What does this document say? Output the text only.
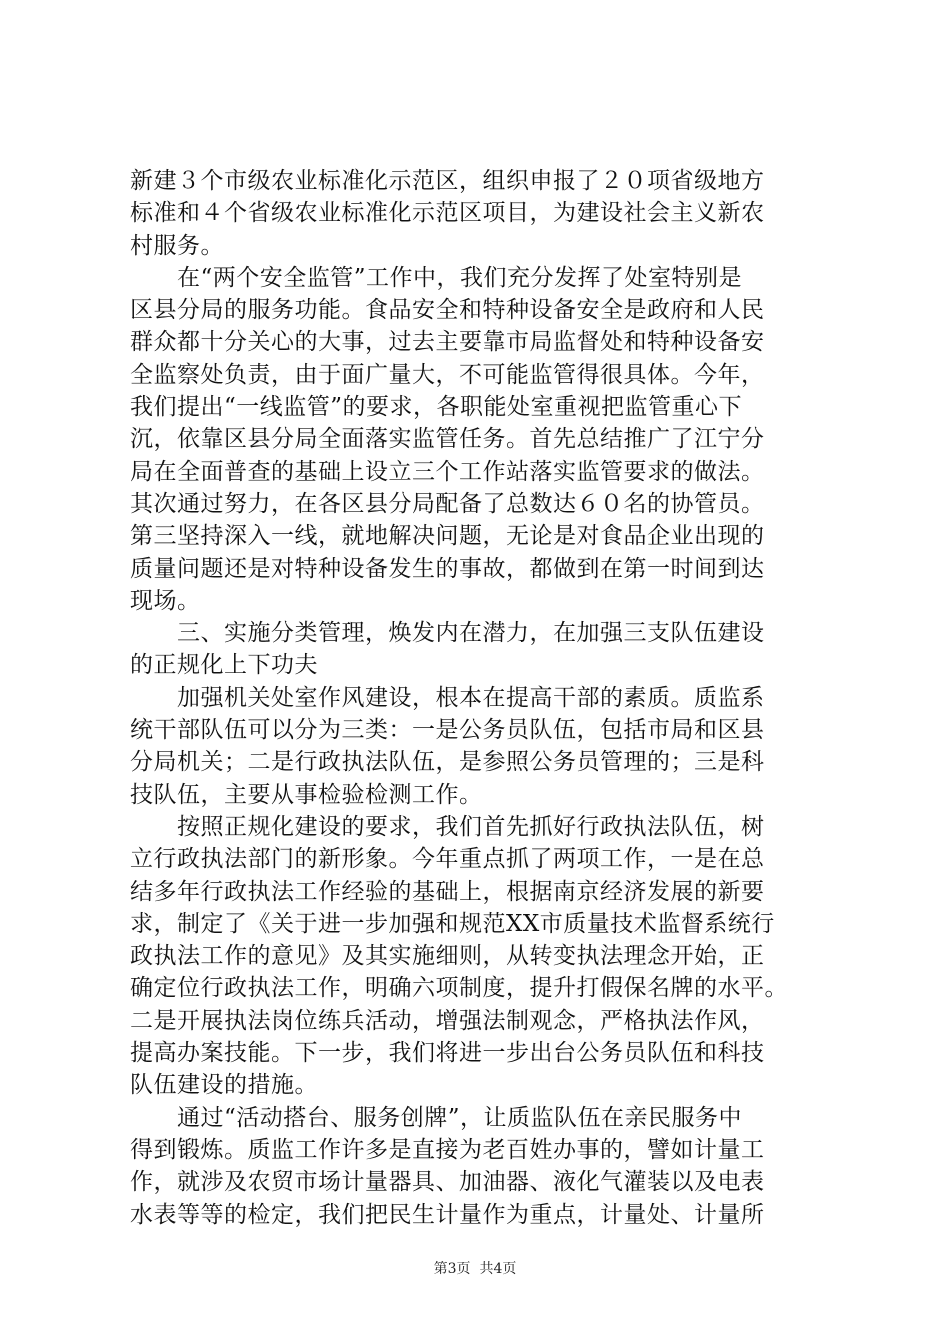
新建３个市级农业标准化示范区，组织申报了２０项省级地方
标准和４个省级农业标准化示范区项目，为建设社会主义新农
村服务。
　　在“两个安全监管”工作中，我们充分发挥了处室特别是
区县分局的服务功能。食品安全和特种设备安全是政府和人民
群众都十分关心的大事，过去主要靠市局监督处和特种设备安
全监察处负责，由于面广量大，不可能监管得很具体。今年，
我们提出“一线监管”的要求，各职能处室重视把监管重心下
沉，依靠区县分局全面落实监管任务。首先总结推广了江宁分
局在全面普查的基础上设立三个工作站落实监管要求的做法。
其次通过努力，在各区县分局配备了总数达６０名的协管员。
第三坚持深入一线，就地解决问题，无论是对食品企业出现的
质量问题还是对特种设备发生的事故，都做到在第一时间到达
现场。
　　三、实施分类管理，焕发内在潜力，在加强三支队伍建设
的正规化上下功夫
　　加强机关处室作风建设，根本在提高干部的素质。质监系
统干部队伍可以分为三类：一是公务员队伍，包括市局和区县
分局机关；二是行政执法队伍，是参照公务员管理的；三是科
技队伍，主要从事检验检测工作。
　　按照正规化建设的要求，我们首先抓好行政执法队伍，树
立行政执法部门的新形象。今年重点抓了两项工作，一是在总
结多年行政执法工作经验的基础上，根据南京经济发展的新要
求，制定了《关于进一步加强和规范XX市质量技术监督系统行
政执法工作的意见》及其实施细则，从转变执法理念开始，正
确定位行政执法工作，明确六项制度，提升打假保名牌的水平。
二是开展执法岗位练兵活动，增强法制观念，严格执法作风，
提高办案技能。下一步，我们将进一步出台公务员队伍和科技
队伍建设的措施。
　　通过“活动搭台、服务创牌”，让质监队伍在亲民服务中
得到锻炼。质监工作许多是直接为老百姓办事的，譬如计量工
作，就涉及农贸市场计量器具、加油器、液化气灌装以及电表
水表等等的检定，我们把民生计量作为重点，计量处、计量所
第3页  共4页
